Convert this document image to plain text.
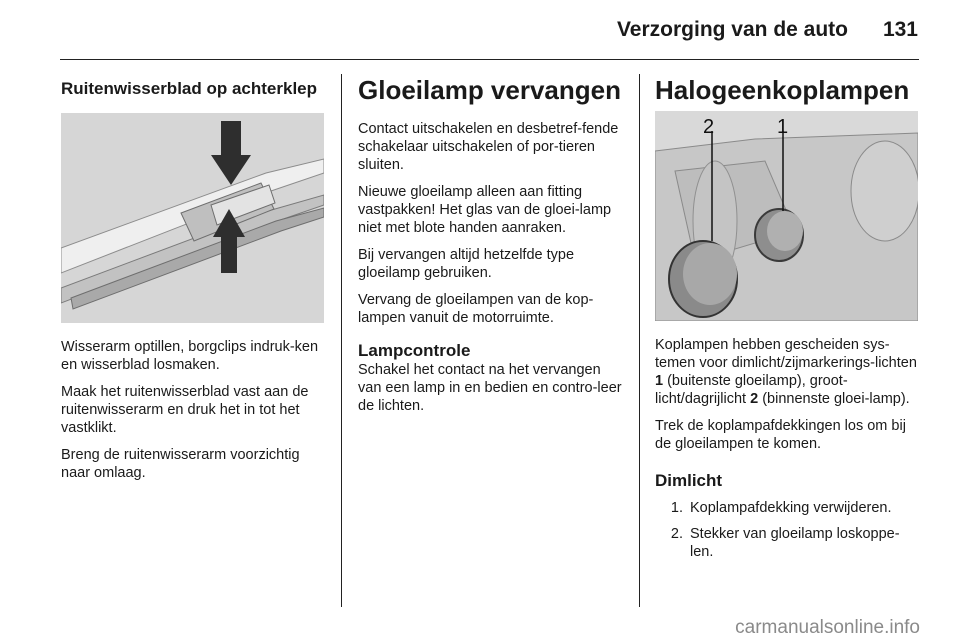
Verzorging van de auto	131
Ruitenwisserblad op achterklep
Wisserarm optillen, borgclips indruk-ken en wisserblad losmaken.
Maak het ruitenwisserblad vast aan de ruitenwisserarm en druk het in tot het vastklikt.
Breng de ruitenwisserarm voorzichtig naar omlaag.
Gloeilamp vervangen
Contact uitschakelen en desbetref-fende schakelaar uitschakelen of por-tieren sluiten.
Nieuwe gloeilamp alleen aan fitting vastpakken! Het glas van de gloei-lamp niet met blote handen aanraken.
Bij vervangen altijd hetzelfde type gloeilamp gebruiken.
Vervang de gloeilampen van de kop-lampen vanuit de motorruimte.
Lampcontrole
Schakel het contact na het vervangen van een lamp in en bedien en contro-leer de lichten.
Halogeenkoplampen
2	1
Koplampen hebben gescheiden sys-temen voor dimlicht/zijmarkerings-lichten 1 (buitenste gloeilamp), groot-licht/dagrijlicht 2 (binnenste gloei-lamp).
Trek de koplampafdekkingen los om bij de gloeilampen te komen.
Dimlicht
1. Koplampafdekking verwijderen.
2. Stekker van gloeilamp loskoppe-len.
carmanualsonline.info
